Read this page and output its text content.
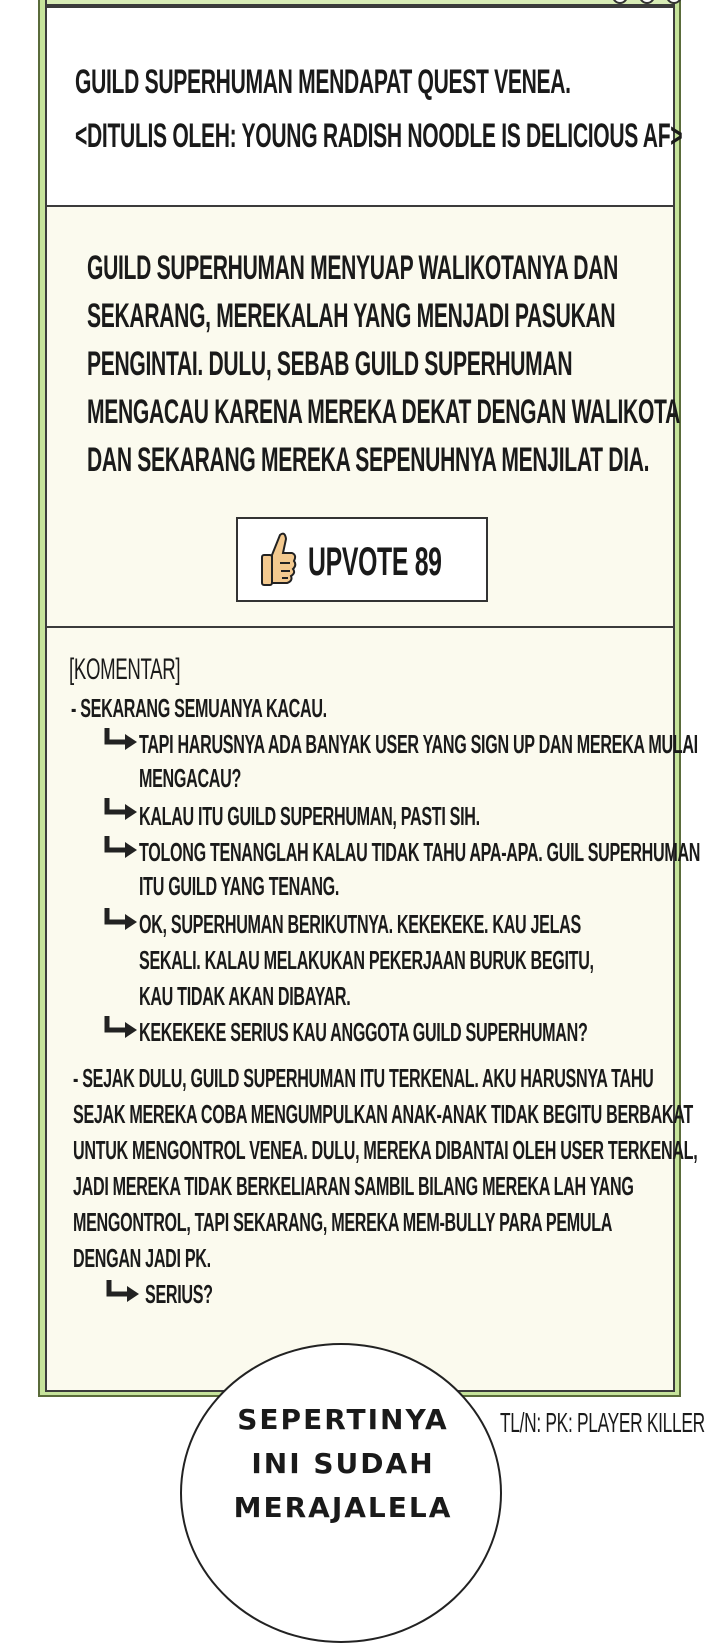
GUILD SUPERHUMAN MENDAPAT QUEST VENEA.
<DITULIS OLEH: YOUNG RADISH NOODLE IS DELICIOUS AF>
GUILD SUPERHUMAN MENYUAP WALIKOTANYA DAN
SEKARANG, MEREKALAH YANG MENJADI PASUKAN
PENGINTAI. DULU, SEBAB GUILD SUPERHUMAN
MENGACAU KARENA MEREKA DEKAT DENGAN WALIKOTA
DAN SEKARANG MEREKA SEPENUHNYA MENJILAT DIA.
UPVOTE 89
[KOMENTAR]
- SEKARANG SEMUANYA KACAU.
TAPI HARUSNYA ADA BANYAK USER YANG SIGN UP DAN MEREKA MULAI
MENGACAU?
KALAU ITU GUILD SUPERHUMAN, PASTI SIH.
TOLONG TENANGLAH KALAU TIDAK TAHU APA-APA. GUIL SUPERHUMAN
ITU GUILD YANG TENANG.
OK, SUPERHUMAN BERIKUTNYA. KEKEKEKE. KAU JELAS
SEKALI. KALAU MELAKUKAN PEKERJAAN BURUK BEGITU,
KAU TIDAK AKAN DIBAYAR.
KEKEKEKE SERIUS KAU ANGGOTA GUILD SUPERHUMAN?
- SEJAK DULU, GUILD SUPERHUMAN ITU TERKENAL. AKU HARUSNYA TAHU
SEJAK MEREKA COBA MENGUMPULKAN ANAK-ANAK TIDAK BEGITU BERBAKAT
UNTUK MENGONTROL VENEA. DULU, MEREKA DIBANTAI OLEH USER TERKENAL,
JADI MEREKA TIDAK BERKELIARAN SAMBIL BILANG MEREKA LAH YANG
MENGONTROL, TAPI SEKARANG, MEREKA MEM-BULLY PARA PEMULA
DENGAN JADI PK.
SERIUS?
SEPERTINYA
INI SUDAH
MERAJALELA
TL/N: PK: PLAYER KILLER
